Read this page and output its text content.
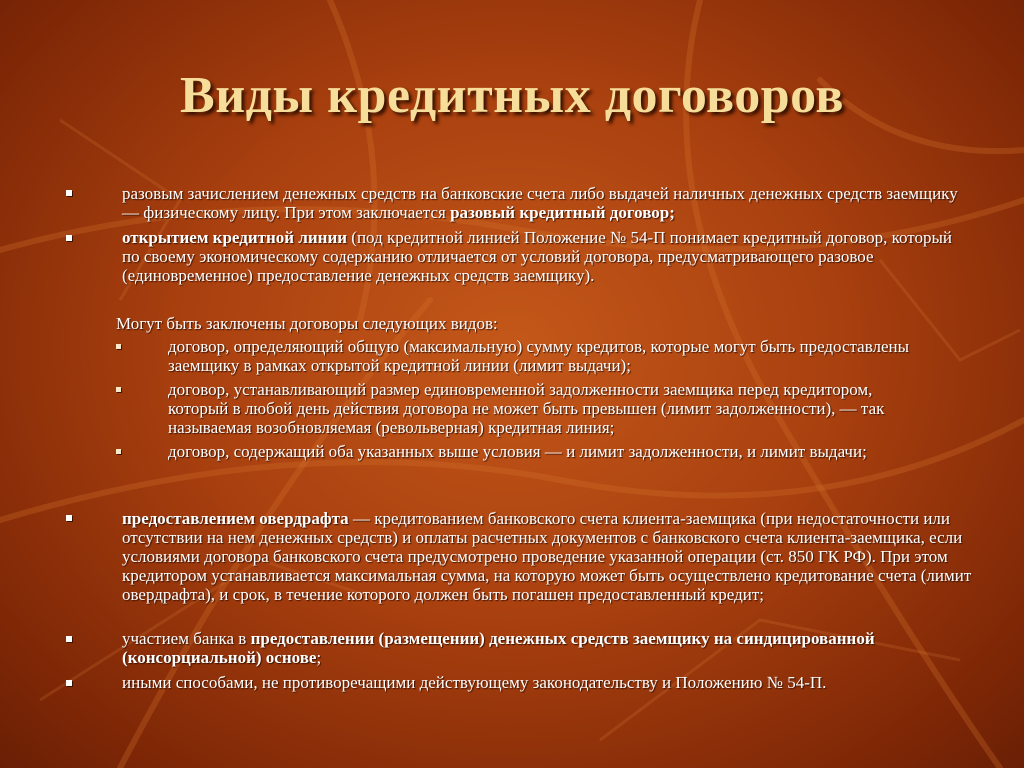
Виды кредитных договоров
разовым зачислением денежных средств на банковские счета либо выдачей наличных денежных средств заемщику — физическому лицу. При этом заключается разовый кредитный договор;
открытием кредитной линии (под кредитной линией Положение № 54-П понимает кредитный договор, который по своему экономическому содержанию отличается от условий договора, предусматривающего разовое (единовременное) предоставление денежных средств заемщику).
Могут быть заключены договоры следующих видов:
договор, определяющий общую (максимальную) сумму кредитов, которые могут быть предоставлены заемщику в рамках открытой кредитной линии (лимит выдачи);
договор, устанавливающий размер единовременной задолженности заемщика перед кредитором, который в любой день действия договора не может быть превышен (лимит задолженности), — так называемая возобновляемая (револьверная) кредитная линия;
договор, содержащий оба указанных выше условия — и лимит задолженности, и лимит выдачи;
предоставлением овердрафта — кредитованием банковского счета клиента-заемщика (при недостаточности или отсутствии на нем денежных средств) и оплаты расчетных документов с банковского счета клиента-заемщика, если условиями договора банковского счета предусмотрено проведение указанной операции (ст. 850 ГК РФ). При этом кредитором устанавливается максимальная сумма, на которую может быть осуществлено кредитование счета (лимит овердрафта), и срок, в течение которого должен быть погашен предоставленный кредит;
участием банка в предоставлении (размещении) денежных средств заемщику на синдицированной (консорциальной) основе;
иными способами, не противоречащими действующему законодательству и Положению № 54-П.
